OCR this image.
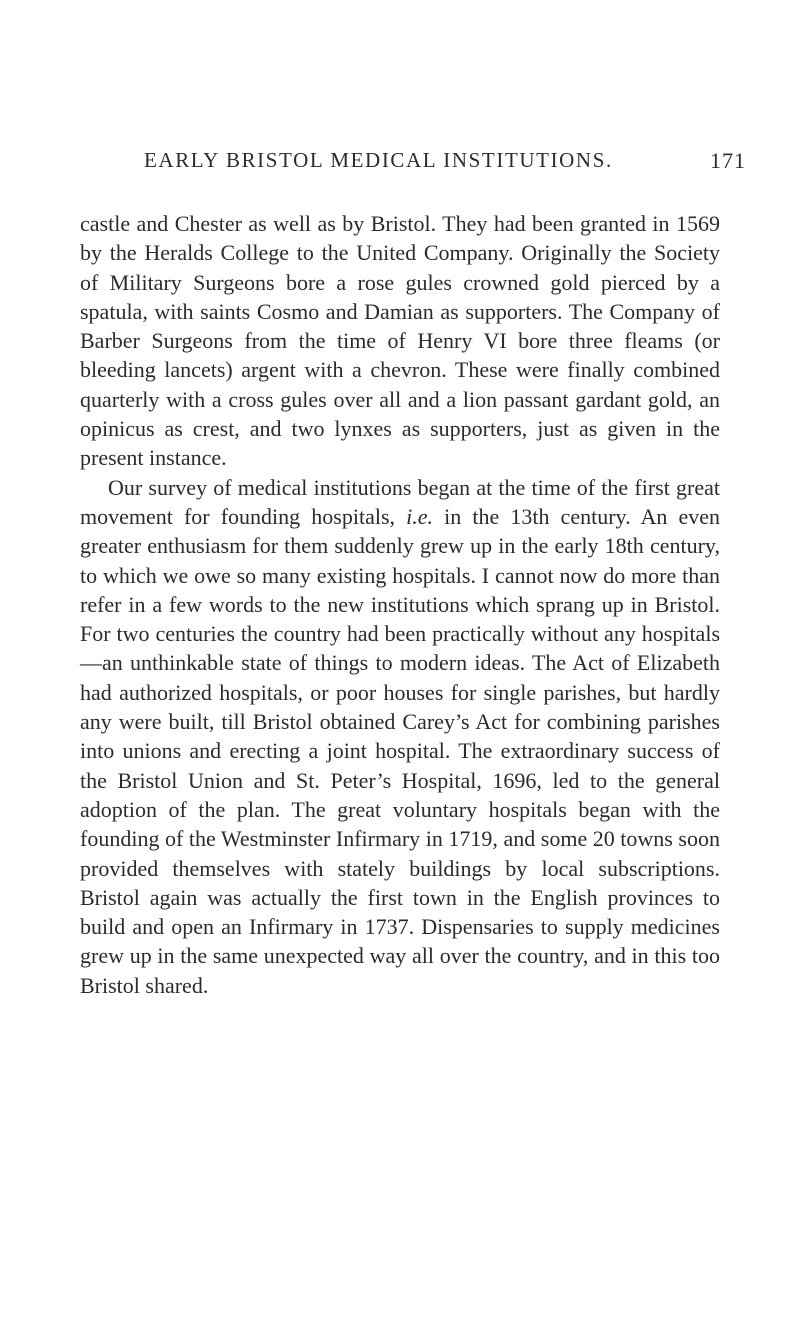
EARLY BRISTOL MEDICAL INSTITUTIONS.	171

castle and Chester as well as by Bristol. They had been granted in 1569 by the Heralds College to the United Company. Originally the Society of Military Surgeons bore a rose gules crowned gold pierced by a spatula, with saints Cosmo and Damian as supporters. The Company of Barber Surgeons from the time of Henry VI bore three fleams (or bleeding lancets) argent with a chevron. These were finally combined quarterly with a cross gules over all and a lion passant gardant gold, an opinicus as crest, and two lynxes as supporters, just as given in the present instance.

Our survey of medical institutions began at the time of the first great movement for founding hospitals, i.e. in the 13th century. An even greater enthusiasm for them suddenly grew up in the early 18th century, to which we owe so many existing hospitals. I cannot now do more than refer in a few words to the new institutions which sprang up in Bristol. For two centuries the country had been practically without any hospitals—an unthinkable state of things to modern ideas. The Act of Elizabeth had authorized hospitals, or poor houses for single parishes, but hardly any were built, till Bristol obtained Carey’s Act for combining parishes into unions and erecting a joint hospital. The extraordinary success of the Bristol Union and St. Peter’s Hospital, 1696, led to the general adoption of the plan. The great voluntary hospitals began with the founding of the Westminster Infirmary in 1719, and some 20 towns soon provided themselves with stately buildings by local subscriptions. Bristol again was actually the first town in the English provinces to build and open an Infirmary in 1737. Dispensaries to supply medicines grew up in the same unexpected way all over the country, and in this too Bristol shared.
